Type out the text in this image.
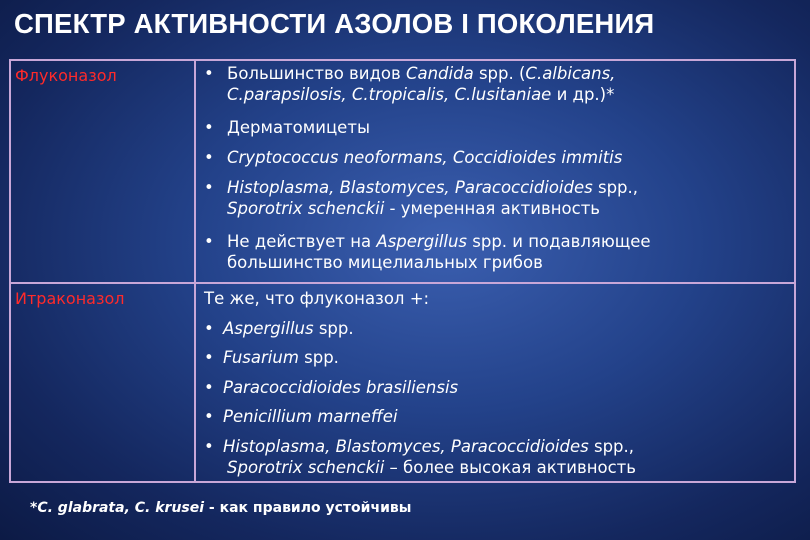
СПЕКТР АКТИВНОСТИ АЗОЛОВ I ПОКОЛЕНИЯ
Флуконазол
Итраконазол
• Большинство видов Candida spp. (C.albicans,
C.parapsilosis, C.tropicalis, C.lusitaniae и др.)*
• Дерматомицеты
• Cryptococcus neoformans, Coccidioides immitis
• Histoplasma, Blastomyces, Paracoccidioides spp.,
Sporotrix schenckii - умеренная активность
• Не действует на Aspergillus spp. и подавляющее
большинство мицелиальных грибов
Те же, что флуконазол +:
• Aspergillus spp.
• Fusarium spp.
• Paracoccidioides brasiliensis
• Penicillium marneffei
• Histoplasma, Blastomyces, Paracoccidioides spp.,
Sporotrix schenckii – более высокая активность
*C. glabrata, C. krusei - как правило устойчивы
